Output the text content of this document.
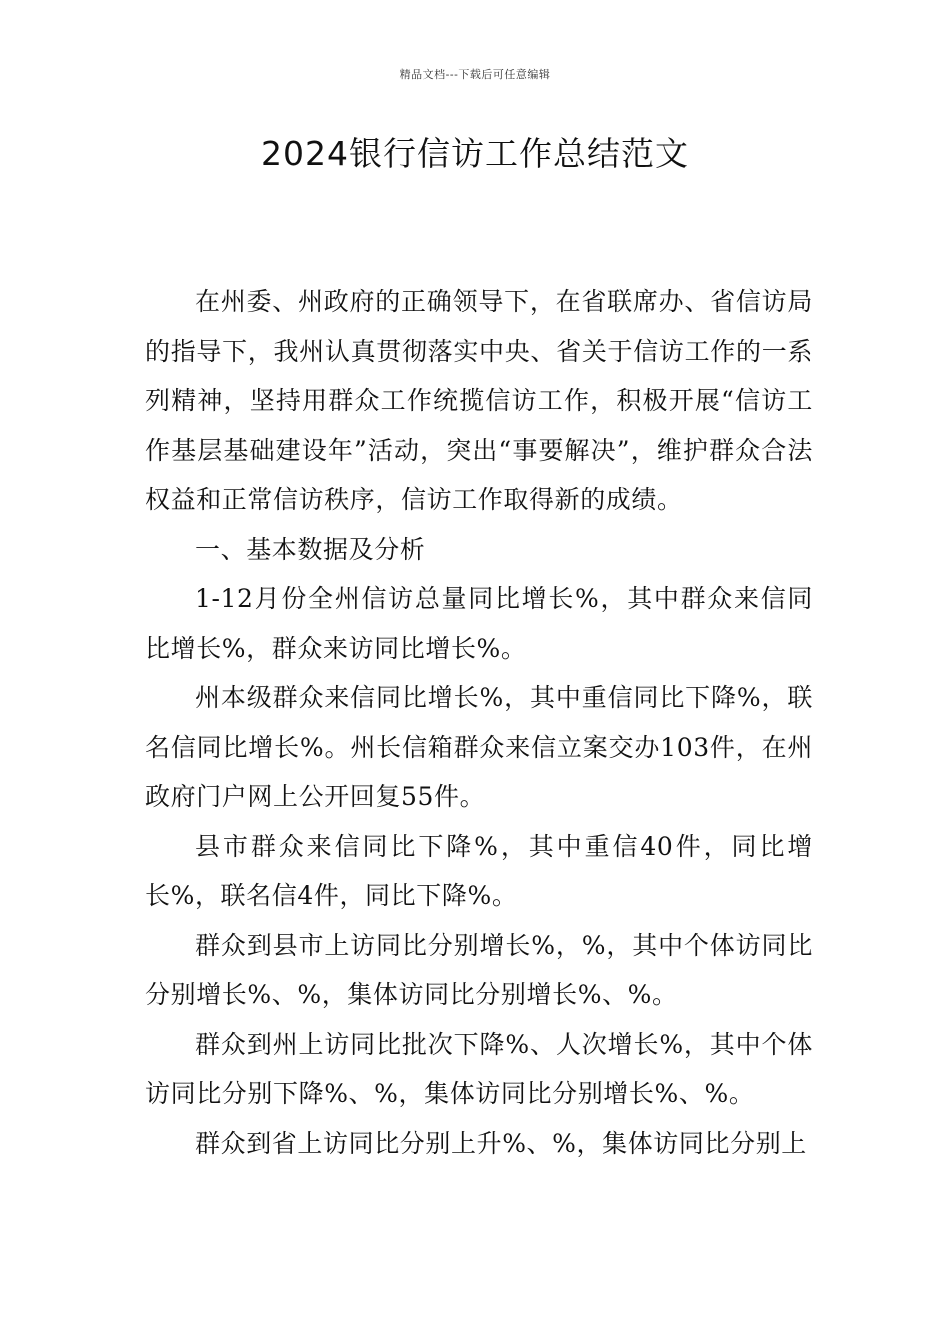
精品文档---下载后可任意编辑
2024银行信访工作总结范文

在州委、州政府的正确领导下，在省联席办、省信访局的指导下，我州认真贯彻落实中央、省关于信访工作的一系列精神，坚持用群众工作统揽信访工作，积极开展“信访工作基层基础建设年”活动，突出“事要解决”，维护群众合法权益和正常信访秩序，信访工作取得新的成绩。

一、基本数据及分析

1-12月份全州信访总量同比增长%，其中群众来信同比增长%，群众来访同比增长%。

州本级群众来信同比增长%，其中重信同比下降%，联名信同比增长%。州长信箱群众来信立案交办103件，在州政府门户网上公开回复55件。

县市群众来信同比下降%，其中重信40件，同比增长%，联名信4件，同比下降%。

群众到县市上访同比分别增长%，%，其中个体访同比分别增长%、%，集体访同比分别增长%、%。

群众到州上访同比批次下降%、人次增长%，其中个体访同比分别下降%、%，集体访同比分别增长%、%。

群众到省上访同比分别上升%、%，集体访同比分别上
